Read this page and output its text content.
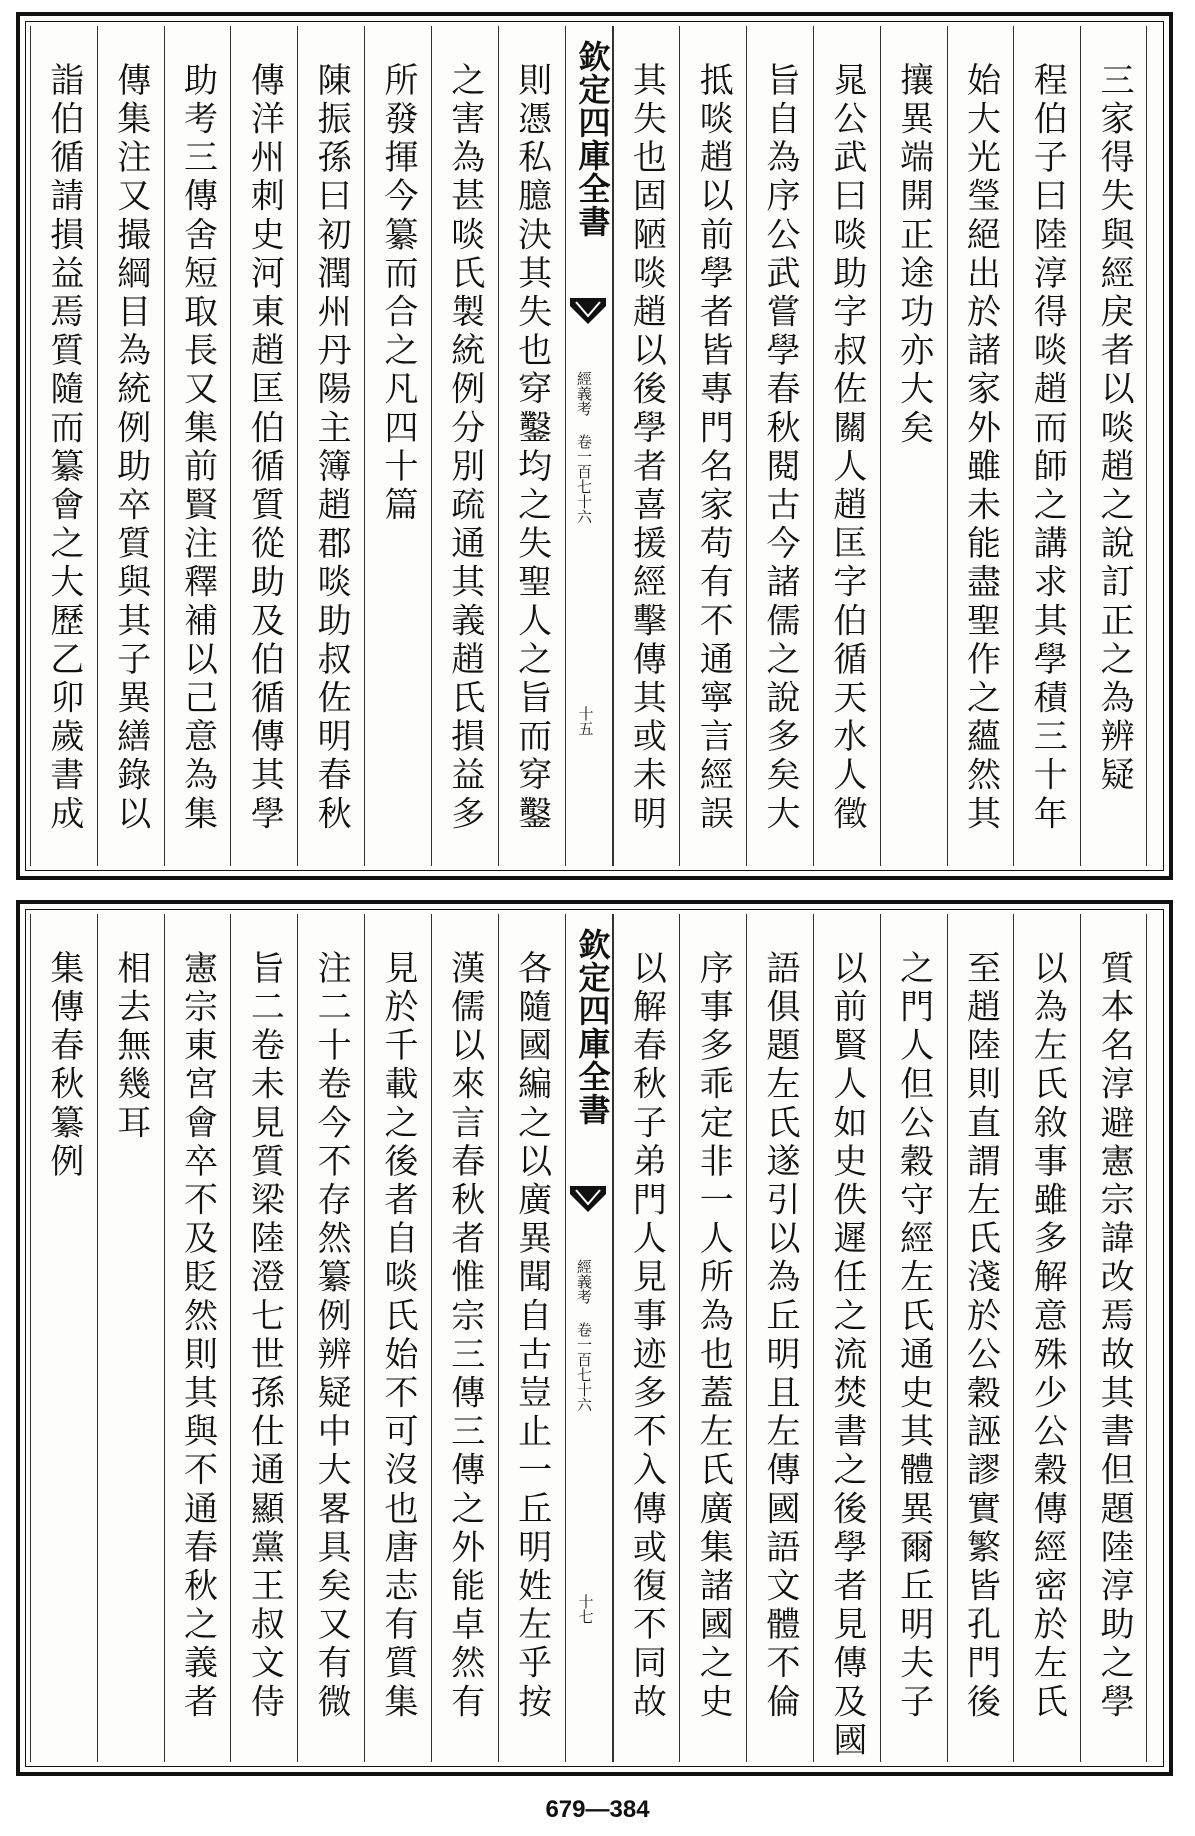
三家得失與經戾者以啖趙之說訂正之為辨疑
程伯子曰陸淳得啖趙而師之講求其學積三十年
始大光瑩絕出於諸家外雖未能盡聖作之蘊然其
攘異端開正途功亦大矣
晁公武曰啖助字叔佐關人趙匡字伯循天水人徵
旨自為序公武嘗學春秋閱古今諸儒之說多矣大
抵啖趙以前學者皆專門名家苟有不通寧言經誤
其失也固陋啖趙以後學者喜援經擊傳其或未明
則憑私臆決其失也穿鑿均之失聖人之旨而穿鑿
之害為甚啖氏製統例分別疏通其義趙氏損益多
所發揮今纂而合之凡四十篇
陳振孫曰初潤州丹陽主簿趙郡啖助叔佐明春秋
傳洋州刺史河東趙匡伯循質從助及伯循傳其學
助考三傳舍短取長又集前賢注釋補以己意為集
傳集注又撮綱目為統例助卒質與其子異繕錄以
詣伯循請損益焉質隨而纂會之大歷乙卯歲書成	欽定四庫全書
經義考 卷一百七十六
十五
質本名淳避憲宗諱改焉故其書但題陸淳助之學
以為左氏敘事雖多解意殊少公穀傳經密於左氏
至趙陸則直謂左氏淺於公穀誣謬實繁皆孔門後
之門人但公穀守經左氏通史其體異爾丘明夫子
以前賢人如史佚遲任之流焚書之後學者見傳及國
語俱題左氏遂引以為丘明且左傳國語文體不倫
序事多乖定非一人所為也蓋左氏廣集諸國之史
以解春秋子弟門人見事迹多不入傳或復不同故
各隨國編之以廣異聞自古豈止一丘明姓左乎按
漢儒以來言春秋者惟宗三傳三傳之外能卓然有
見於千載之後者自啖氏始不可沒也唐志有質集
注二十卷今不存然纂例辨疑中大畧具矣又有微
旨二卷未見質梁陸澄七世孫仕通顯黨王叔文侍
憲宗東宮會卒不及貶然則其與不通春秋之義者
相去無幾耳
集傳春秋纂例	欽定四庫全書
經義考 卷一百七十六
十七
679—384
